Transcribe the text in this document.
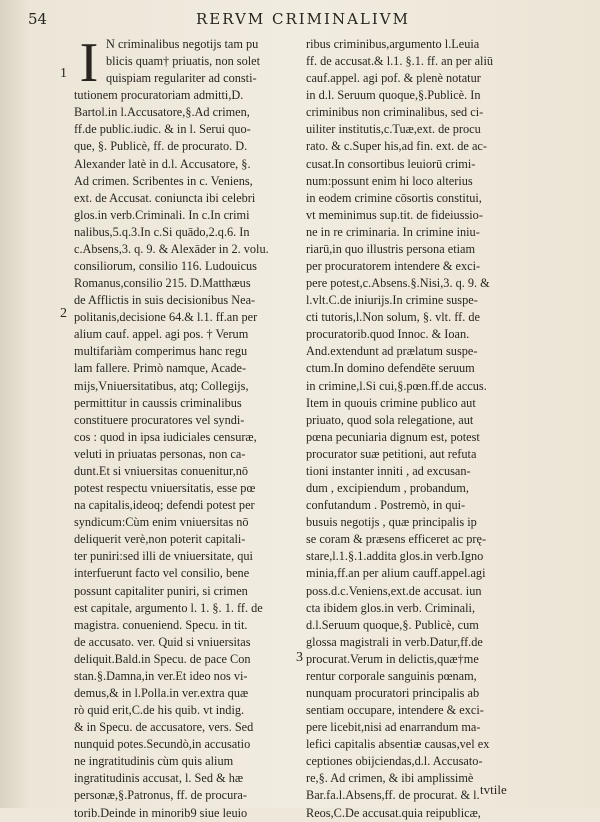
54	RERVM CRIMINALIVM
I
1
2
3
N criminalibus negotijs tam pu
blicis quam† priuatis, non solet
quispiam regulariter ad consti-
tutionem procuratoriam admitti,D.
Bartol.in l.Accusatore,§.Ad crimen,
ff.de public.iudic. & in l. Serui quo-
que, §. Publicè, ff. de procurato. D.
Alexander latè in d.l. Accusatore, §.
Ad crimen. Scribentes in c. Veniens,
ext. de Accusat. coniuncta ibi celebri
glos.in verb.Criminali. In c.In crimi
nalibus,5.q.3.In c.Si quādo,2.q.6. In
c.Absens,3. q. 9. & Alexāder in 2. volu.
consiliorum, consilio 116. Ludouicus
Romanus,consilio 215. D.Matthæus
de Afflictis in suis decisionibus Nea-
politanis,decisione 64.& l.1. ff.an per
alium cauf. appel. agi pos. † Verum
multifariàm comperimus hanc regu
lam fallere. Primò namque, Acade-
mijs,Vniuersitatibus, atq; Collegijs,
permittitur in caussis criminalibus
constituere procuratores vel syndi-
cos : quod in ipsa iudiciales censuræ,
veluti in priuatas personas, non ca-
dunt.Et si vniuersitas conuenitur,nō
potest respectu vniuersitatis, esse pœ
na capitalis,ideoq; defendi potest per
syndicum:Cùm enim vniuersitas nō
deliquerit verè,non poterit capitali-
ter puniri:sed illi de vniuersitate, qui
interfuerunt facto vel consilio, bene
possunt capitaliter puniri, si crimen
est capitale, argumento l. 1. §. 1. ff. de
magistra. conueniend. Specu. in tit.
de accusato. ver. Quid si vniuersitas
deliquit.Bald.in Specu. de pace Con
stan.§.Damna,in ver.Et ideo nos vi-
demus,& in l.Polla.in ver.extra quæ
rò quid erit,C.de his quib. vt indig.
& in Specu. de accusatore, vers. Sed
nunquid potes.Secundò,in accusatio
ne ingratitudinis cùm quis alium
ingratitudinis accusat, l. Sed & hæ
personæ,§.Patronus, ff. de procura-
torib.Deinde in minorib9 siue leuio
ribus criminibus,argumento l.Leuia
ff. de accusat.& l.1. §.1. ff. an per aliū
cauf.appel. agi pof. & plenè notatur
in d.l. Seruum quoque,§.Publicè. In
criminibus non criminalibus, sed ci-
uiliter institutis,c.Tuæ,ext. de procu
rato. & c.Super his,ad fin. ext. de ac-
cusat.In consortibus leuiorū crimi-
num:possunt enim hi loco alterius
in eodem crimine cōsortis constitui,
vt meminimus sup.tit. de fideiussio-
ne in re criminaria. In crimine iniu-
riarū,in quo illustris persona etiam
per procuratorem intendere & exci-
pere potest,c.Absens.§.Nisi,3. q. 9. &
l.vlt.C.de iniurijs.In crimine suspe-
cti tutoris,l.Non solum, §. vlt. ff. de
procuratorib.quod Innoc. & Ioan.
And.extendunt ad prælatum suspe-
ctum.In domino defendēte seruum
in crimine,l.Si cui,§.pœn.ff.de accus.
Item in quouis crimine publico aut
priuato, quod sola relegatione, aut
pœna pecuniaria dignum est, potest
procurator suæ petitioni, aut refuta
tioni instanter inniti , ad excusan-
dum , excipiendum , probandum,
confutandum . Postremò, in qui-
busuis negotijs , quæ principalis ip
se coram & præsens efficeret ac prę-
stare,l.1.§.1.addita glos.in verb.Igno
minia,ff.an per alium cauff.appel.agi
poss.d.c.Veniens,ext.de accusat. iun
cta ibidem glos.in verb. Criminali,
d.l.Seruum quoque,§. Publicè, cum
glossa magistrali in verb.Datur,ff.de
procurat.Verum in delictis,quæ†me
rentur corporale sanguinis pœnam,
nunquam procuratori principalis ab
sentiam occupare, intendere & exci-
pere licebit,nisi ad enarrandum ma-
lefici capitalis absentiæ causas,vel ex
ceptiones obijciendas,d.l. Accusato-
re,§. Ad crimen, & ibi amplissimè
Bar.fa.l.Absens,ff. de procurat. & l.
Reos,C.De accusat.quia reipublicæ,
tvtile
